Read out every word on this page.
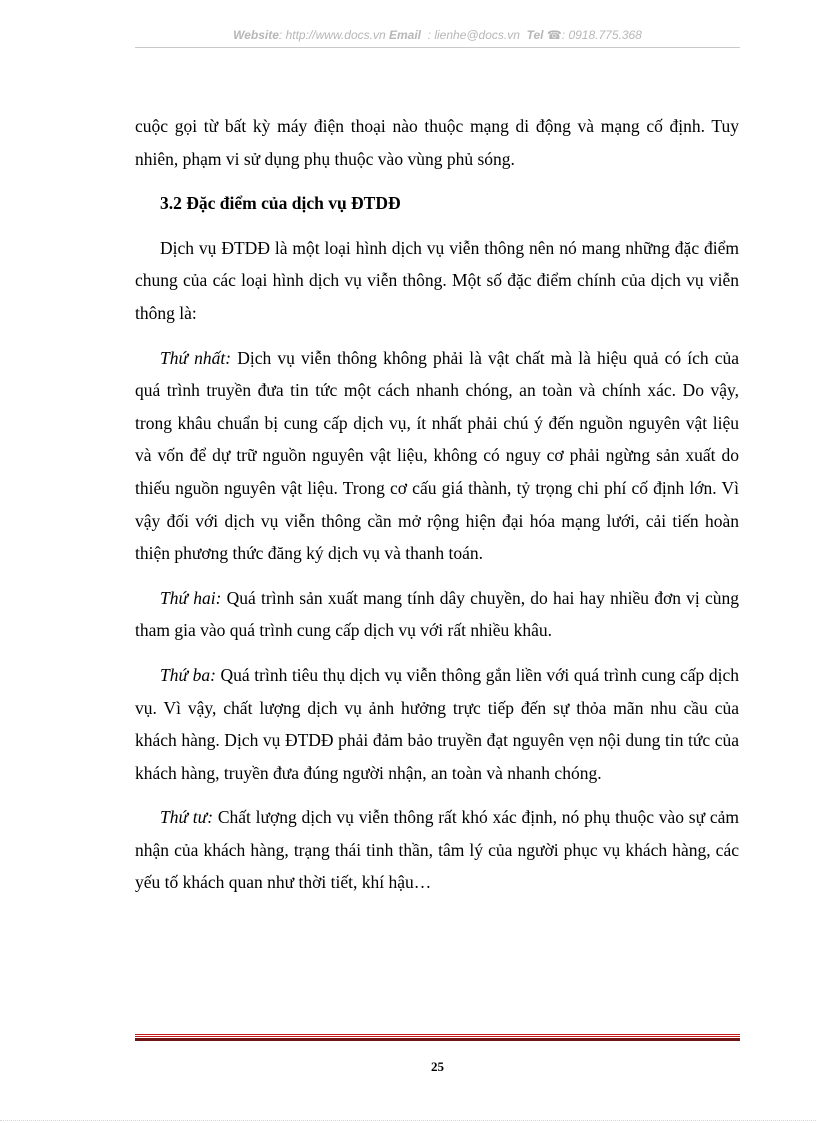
Website: http://www.docs.vn Email : lienhe@docs.vn Tel ☎: 0918.775.368

cuộc gọi từ bất kỳ máy điện thoại nào thuộc mạng di động và mạng cố định. Tuy nhiên, phạm vi sử dụng phụ thuộc vào vùng phủ sóng.

3.2 Đặc điểm của dịch vụ ĐTDĐ

Dịch vụ ĐTDĐ là một loại hình dịch vụ viễn thông nên nó mang những đặc điểm chung của các loại hình dịch vụ viễn thông. Một số đặc điểm chính của dịch vụ viễn thông là:

Thứ nhất: Dịch vụ viễn thông không phải là vật chất mà là hiệu quả có ích của quá trình truyền đưa tin tức một cách nhanh chóng, an toàn và chính xác. Do vậy, trong khâu chuẩn bị cung cấp dịch vụ, ít nhất phải chú ý đến nguồn nguyên vật liệu và vốn để dự trữ nguồn nguyên vật liệu, không có nguy cơ phải ngừng sản xuất do thiếu nguồn nguyên vật liệu. Trong cơ cấu giá thành, tỷ trọng chi phí cố định lớn. Vì vậy đối với dịch vụ viễn thông cần mở rộng hiện đại hóa mạng lưới, cải tiến hoàn thiện phương thức đăng ký dịch vụ và thanh toán.

Thứ hai: Quá trình sản xuất mang tính dây chuyền, do hai hay nhiều đơn vị cùng tham gia vào quá trình cung cấp dịch vụ với rất nhiều khâu.

Thứ ba: Quá trình tiêu thụ dịch vụ viễn thông gắn liền với quá trình cung cấp dịch vụ. Vì vậy, chất lượng dịch vụ ảnh hưởng trực tiếp đến sự thỏa mãn nhu cầu của khách hàng. Dịch vụ ĐTDĐ phải đảm bảo truyền đạt nguyên vẹn nội dung tin tức của khách hàng, truyền đưa đúng người nhận, an toàn và nhanh chóng.

Thứ tư: Chất lượng dịch vụ viễn thông rất khó xác định, nó phụ thuộc vào sự cảm nhận của khách hàng, trạng thái tinh thần, tâm lý của người phục vụ khách hàng, các yếu tố khách quan như thời tiết, khí hậu…

25
